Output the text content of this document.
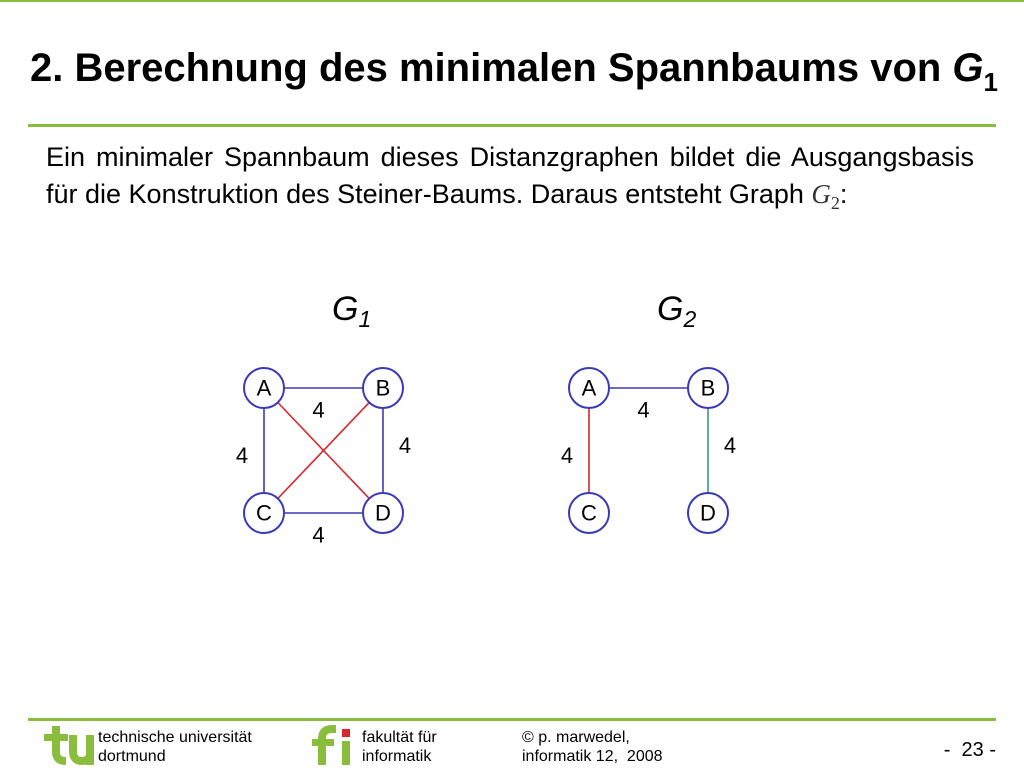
2. Berechnung des minimalen Spannbaums von $G_1$
Ein minimaler Spannbaum dieses Distanzgraphen bildet die Ausgangsbasis
für die Konstruktion des Steiner-Baums. Daraus entsteht Graph $G_2$:
$G_1$	$G_2$
A	B
C	D
4
4	4
4
A	B
C	D
4
4	4
technische universität
dortmund
fakultät für
informatik
© p. marwedel,
informatik 12,  2008	-  23 -
